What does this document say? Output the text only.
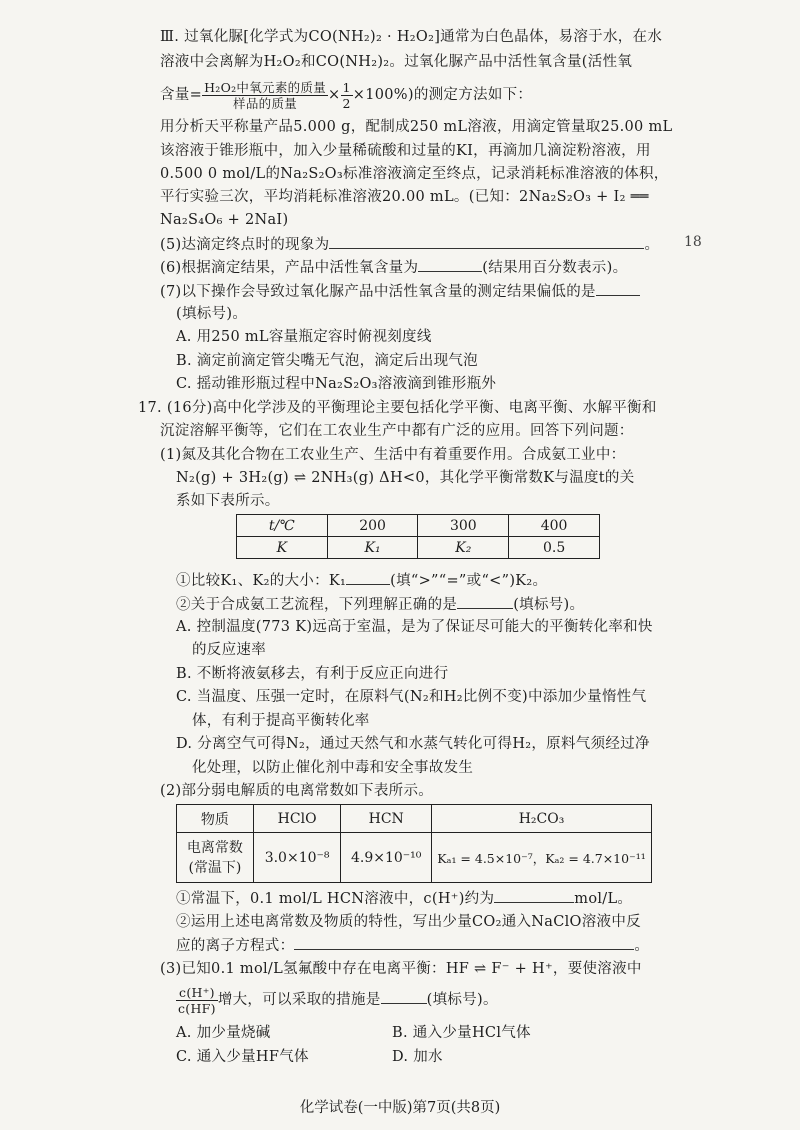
Ⅲ. 过氧化脲[化学式为CO(NH₂)₂ · H₂O₂]通常为白色晶体，易溶于水，在水
溶液中会离解为H₂O₂和CO(NH₂)₂。过氧化脲产品中活性氧含量(活性氧
含量= $\frac{\text{H₂O₂中氧元素的质量}}{\text{样品的质量}} \times \frac{1}{2} \times 100\%$)的测定方法如下：
用分析天平称量产品5.000 g，配制成250 mL溶液，用滴定管量取25.00 mL
该溶液于锥形瓶中，加入少量稀硫酸和过量的KI，再滴加几滴淀粉溶液，用
0.500 0 mol/L的Na₂S₂O₃标准溶液滴定至终点，记录消耗标准溶液的体积，
平行实验三次，平均消耗标准溶液20.00 mL。(已知：2Na₂S₂O₃ + I₂ ══
Na₂S₄O₆ + 2NaI)
(5)达滴定终点时的现象为	。 18
(6)根据滴定结果，产品中活性氧含量为	(结果用百分数表示)。
(7)以下操作会导致过氧化脲产品中活性氧含量的测定结果偏低的是
(填标号)。
A. 用250 mL容量瓶定容时俯视刻度线
B. 滴定前滴定管尖嘴无气泡，滴定后出现气泡
C. 摇动锥形瓶过程中Na₂S₂O₃溶液滴到锥形瓶外
17. (16分)高中化学涉及的平衡理论主要包括化学平衡、电离平衡、水解平衡和
沉淀溶解平衡等，它们在工农业生产中都有广泛的应用。回答下列问题：
(1)氮及其化合物在工农业生产、生活中有着重要作用。合成氨工业中：
N₂(g) + 3H₂(g) ⇌ 2NH₃(g) ΔH<0，其化学平衡常数K与温度t的关
系如下表所示。
t/℃	200	300	400
K	K₁	K₂	0.5
①比较K₁、K₂的大小：K₁	(填“>”“=”或“<”)K₂。
②关于合成氨工艺流程，下列理解正确的是	(填标号)。
A. 控制温度(773 K)远高于室温，是为了保证尽可能大的平衡转化率和快
的反应速率
B. 不断将液氨移去，有利于反应正向进行
C. 当温度、压强一定时，在原料气(N₂和H₂比例不变)中添加少量惰性气
体，有利于提高平衡转化率
D. 分离空气可得N₂，通过天然气和水蒸气转化可得H₂，原料气须经过净
化处理，以防止催化剂中毒和安全事故发生
(2)部分弱电解质的电离常数如下表所示。
物质	HClO	HCN	H₂CO₃
电离常数
(常温下)	3.0×10⁻⁸	4.9×10⁻¹⁰	Kₐ₁ = 4.5×10⁻⁷，Kₐ₂ = 4.7×10⁻¹¹
①常温下，0.1 mol/L HCN溶液中，c(H⁺)约为	mol/L。
②运用上述电离常数及物质的特性，写出少量CO₂通入NaClO溶液中反
应的离子方程式：	。
(3)已知0.1 mol/L氢氟酸中存在电离平衡：HF ⇌ F⁻ + H⁺，要使溶液中
$\frac{c(H^+)}{c(HF)}$ 增大，可以采取的措施是	(填标号)。
A. 加少量烧碱	B. 通入少量HCl气体
C. 通入少量HF气体	D. 加水
化学试卷(一中版)第7页(共8页)
